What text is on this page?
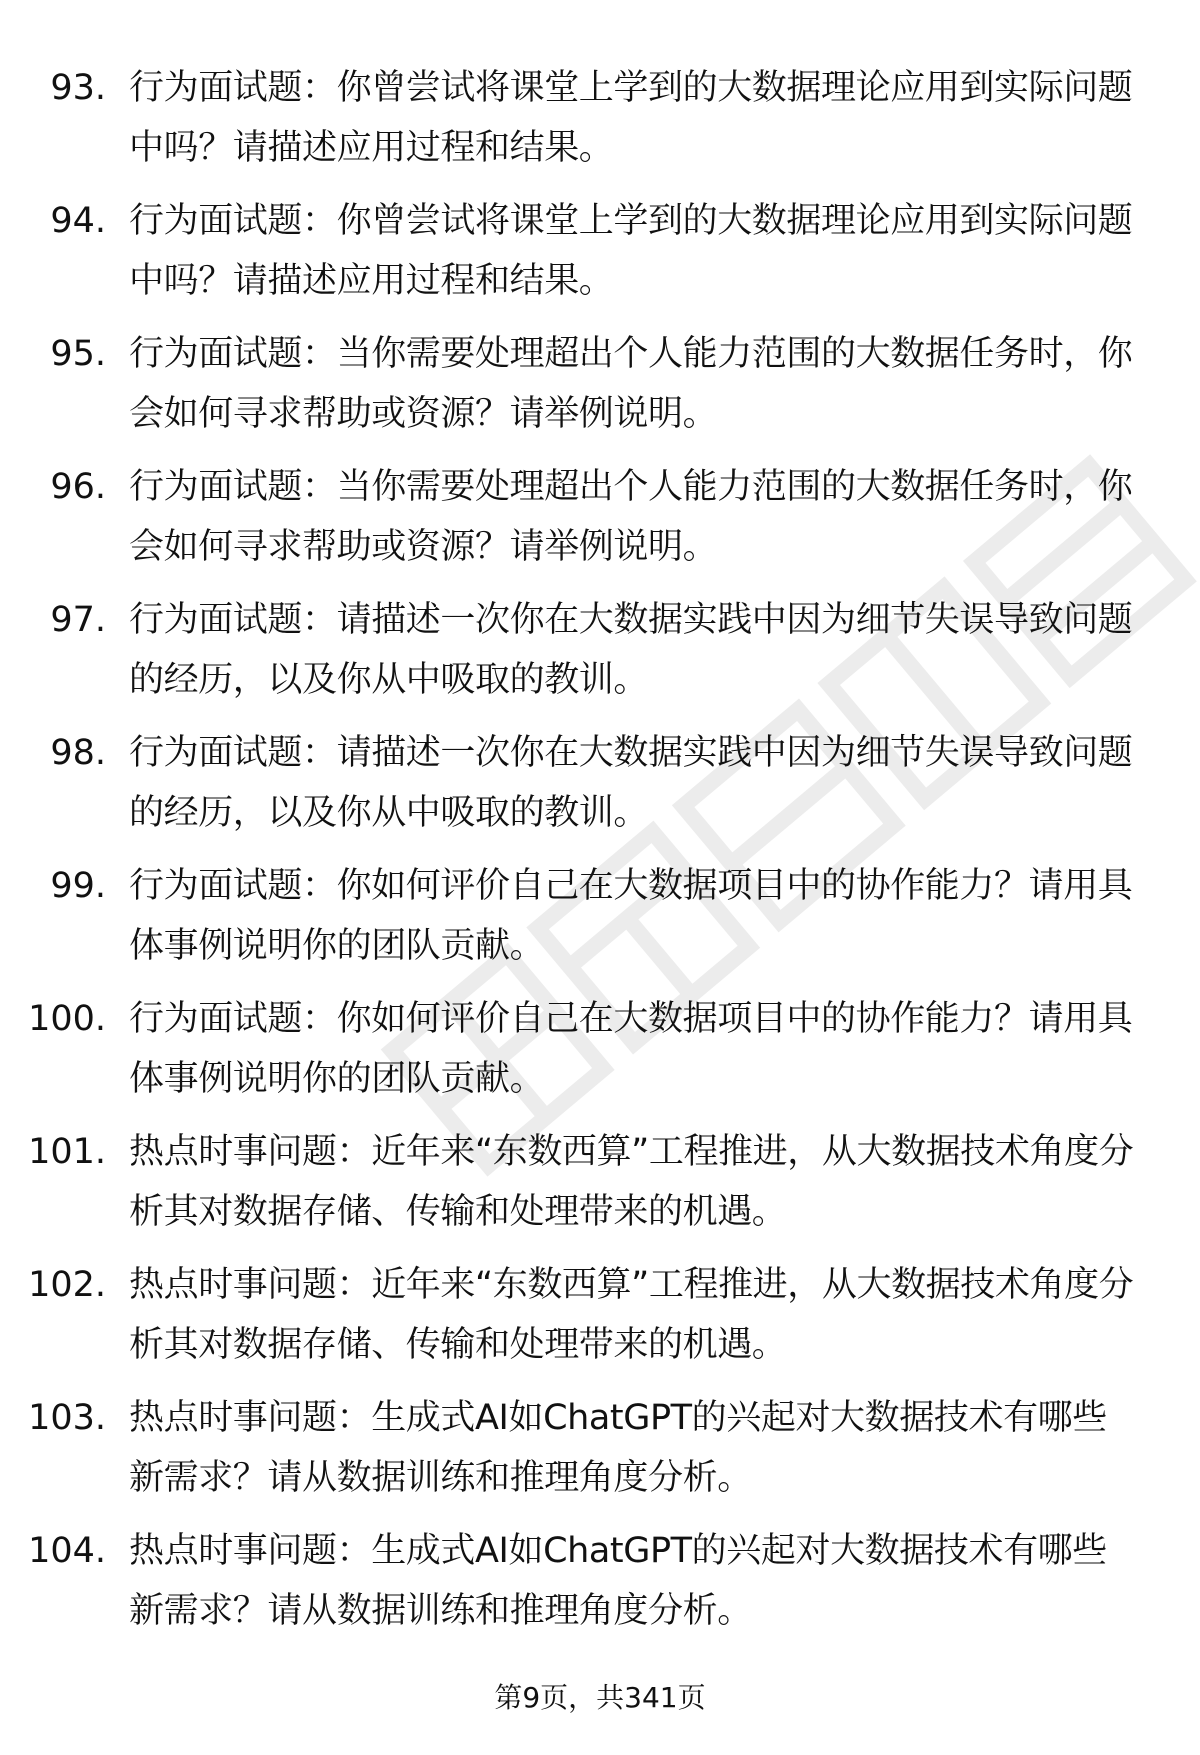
93. 行为面试题：你曾尝试将课堂上学到的大数据理论应用到实际问题中吗？请描述应用过程和结果。
94. 行为面试题：你曾尝试将课堂上学到的大数据理论应用到实际问题中吗？请描述应用过程和结果。
95. 行为面试题：当你需要处理超出个人能力范围的大数据任务时，你会如何寻求帮助或资源？请举例说明。
96. 行为面试题：当你需要处理超出个人能力范围的大数据任务时，你会如何寻求帮助或资源？请举例说明。
97. 行为面试题：请描述一次你在大数据实践中因为细节失误导致问题的经历，以及你从中吸取的教训。
98. 行为面试题：请描述一次你在大数据实践中因为细节失误导致问题的经历，以及你从中吸取的教训。
99. 行为面试题：你如何评价自己在大数据项目中的协作能力？请用具体事例说明你的团队贡献。
100. 行为面试题：你如何评价自己在大数据项目中的协作能力？请用具体事例说明你的团队贡献。
101. 热点时事问题：近年来“东数西算”工程推进，从大数据技术角度分析其对数据存储、传输和处理带来的机遇。
102. 热点时事问题：近年来“东数西算”工程推进，从大数据技术角度分析其对数据存储、传输和处理带来的机遇。
103. 热点时事问题：生成式AI如ChatGPT的兴起对大数据技术有哪些新需求？请从数据训练和推理角度分析。
104. 热点时事问题：生成式AI如ChatGPT的兴起对大数据技术有哪些新需求？请从数据训练和推理角度分析。
第9页，共341页
